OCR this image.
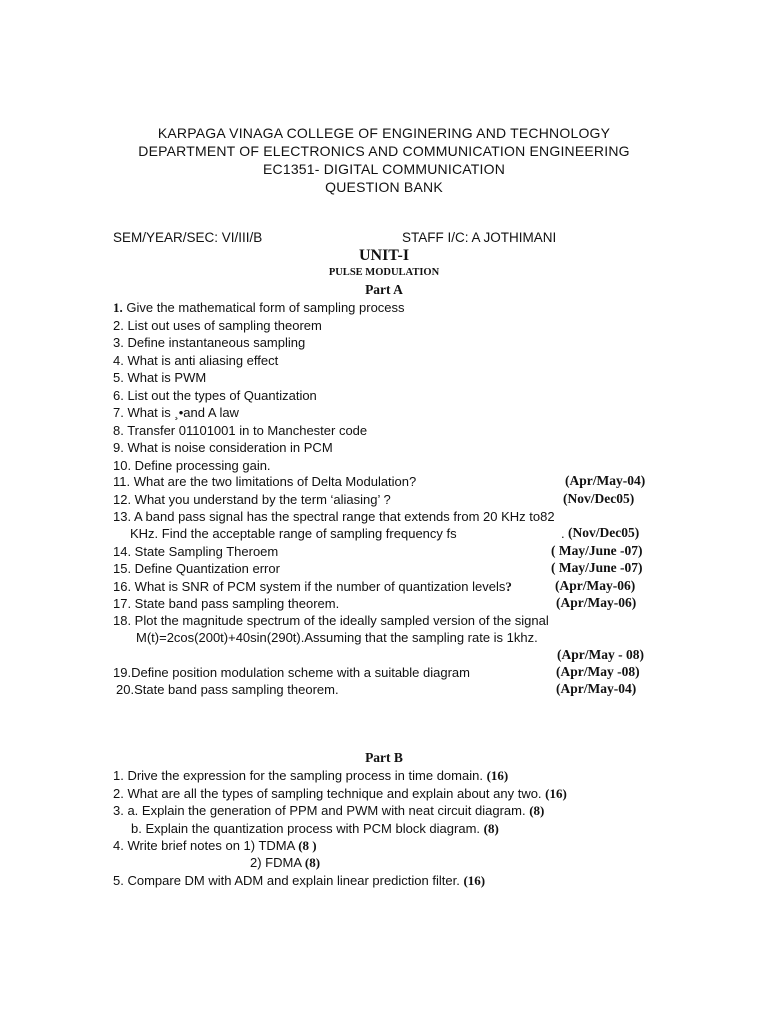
KARPAGA VINAGA COLLEGE OF ENGINERING AND TECHNOLOGY
DEPARTMENT OF ELECTRONICS AND COMMUNICATION ENGINEERING
EC1351- DIGITAL COMMUNICATION
QUESTION BANK
SEM/YEAR/SEC: VI/III/B	STAFF I/C: A JOTHIMANI
UNIT-I
PULSE MODULATION
Part A
1. Give the mathematical form of sampling process
2. List out uses of sampling theorem
3. Define instantaneous sampling
4. What is anti aliasing effect
5. What is PWM
6. List out the types of Quantization
7. What is ¸•and A law
8. Transfer 01101001 in to Manchester code
9. What is noise consideration in PCM
10. Define processing gain.
11. What are the two limitations of Delta Modulation?	(Apr/May-04)
12. What you understand by the term ‘aliasing’ ?	(Nov/Dec05)
13. A band pass signal has the spectral range that extends from 20 KHz to82
KHz. Find the acceptable range of sampling frequency fs	. (Nov/Dec05)
14. State Sampling Theroem	( May/June -07)
15. Define Quantization error	( May/June -07)
16. What is SNR of PCM system if the number of quantization levels?	(Apr/May-06)
17. State band pass sampling theorem.	(Apr/May-06)
18. Plot the magnitude spectrum of the ideally sampled version of the signal
M(t)=2cos(200t)+40sin(290t).Assuming that the sampling rate is 1khz.
(Apr/May - 08)
19.Define position modulation scheme with a suitable diagram	(Apr/May -08)
20.State band pass sampling theorem.	(Apr/May-04)
Part B
1. Drive the expression for the sampling process in time domain. (16)
2. What are all the types of sampling technique and explain about any two. (16)
3. a. Explain the generation of PPM and PWM with neat circuit diagram. (8)
b. Explain the quantization process with PCM block diagram. (8)
4. Write brief notes on 1) TDMA (8 )
2) FDMA (8)
5. Compare DM with ADM and explain linear prediction filter. (16)
